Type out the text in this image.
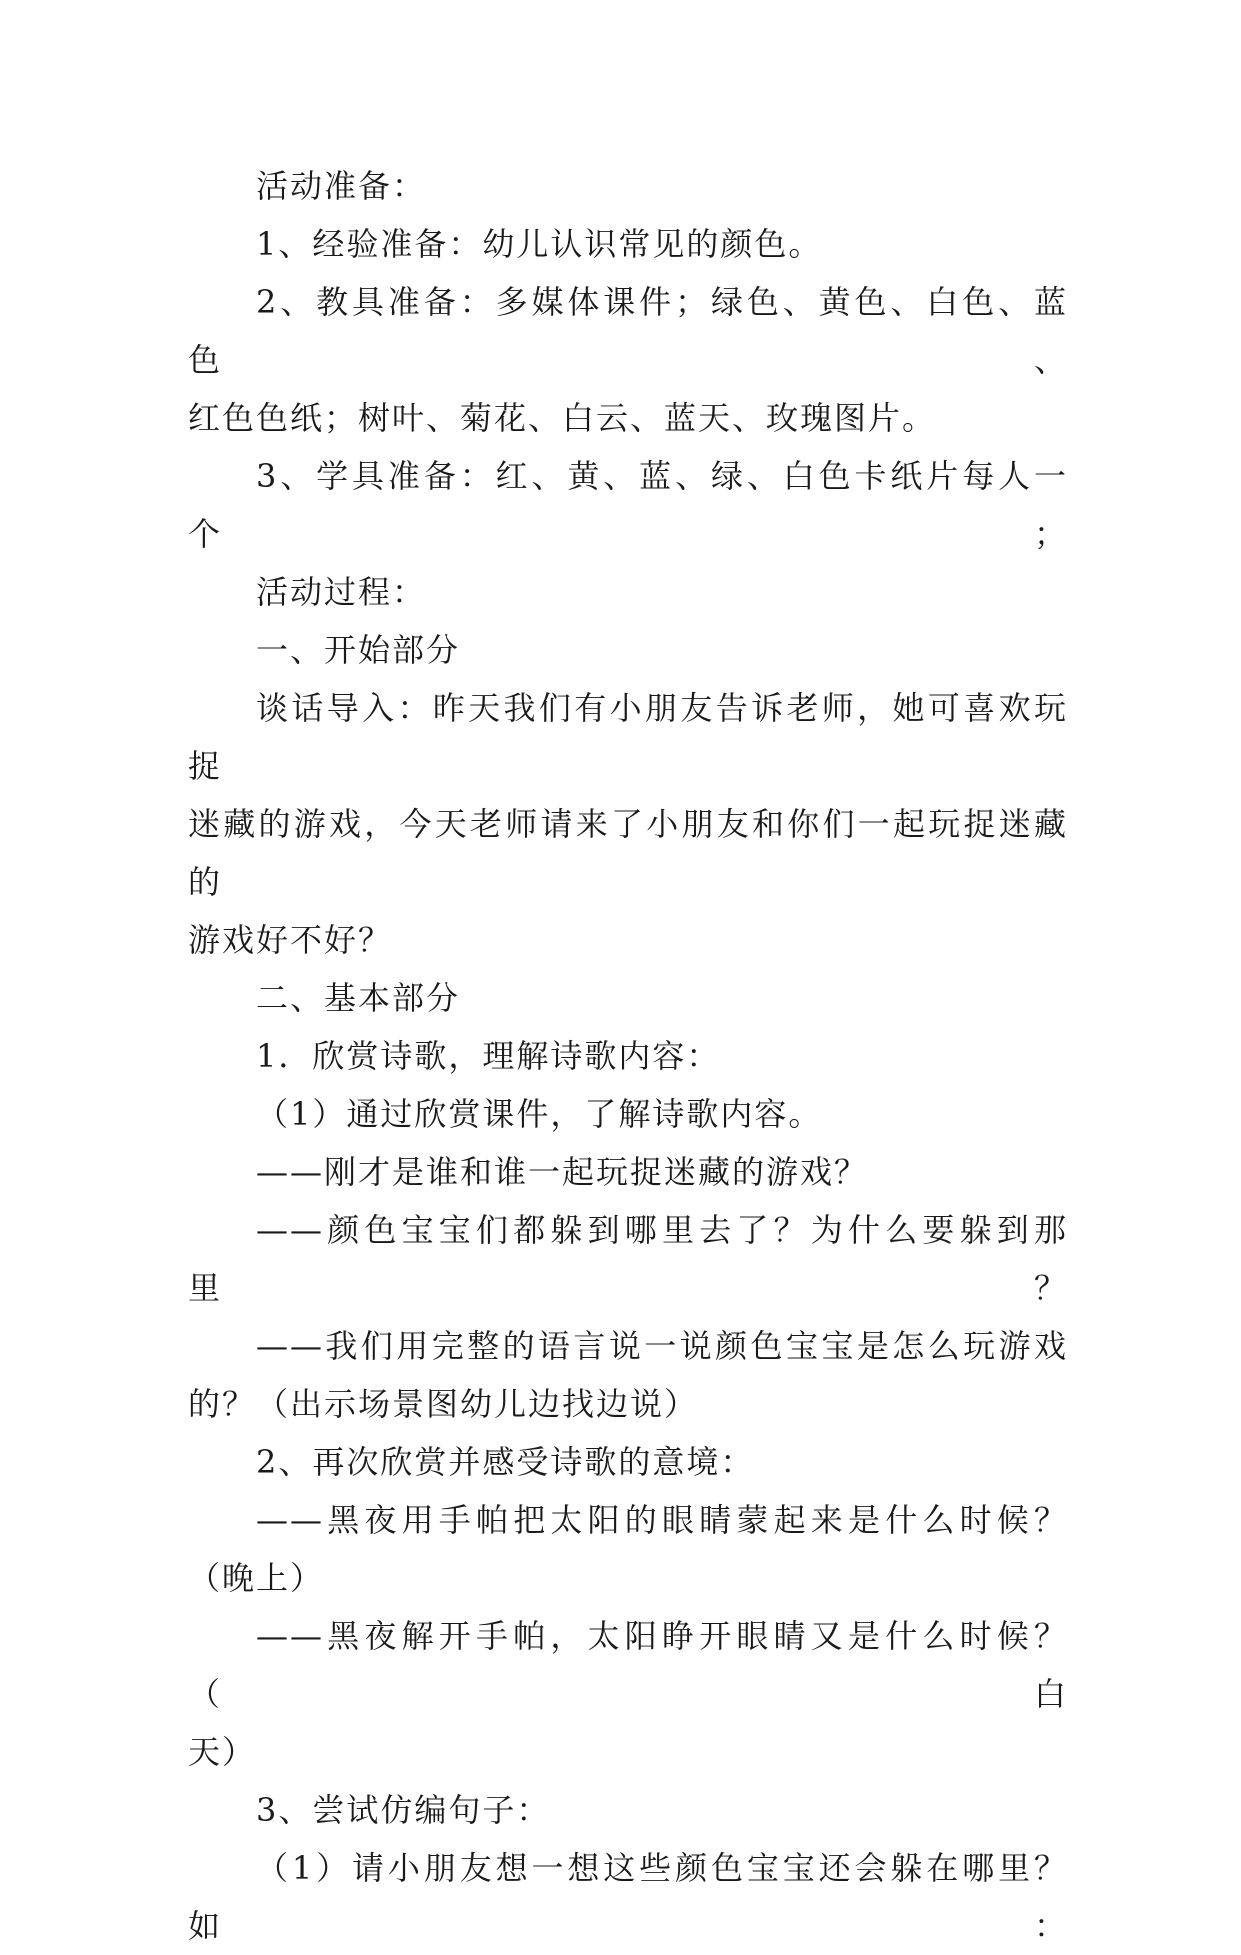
活动准备：

1、经验准备：幼儿认识常见的颜色。

2、教具准备：多媒体课件；绿色、黄色、白色、蓝色、

红色色纸；树叶、菊花、白云、蓝天、玫瑰图片。

3、学具准备：红、黄、蓝、绿、白色卡纸片每人一个；

活动过程：

一、开始部分

谈话导入：昨天我们有小朋友告诉老师，她可喜欢玩捉

迷藏的游戏，今天老师请来了小朋友和你们一起玩捉迷藏的

游戏好不好？

二、基本部分

1．欣赏诗歌，理解诗歌内容：

（1）通过欣赏课件，了解诗歌内容。

——刚才是谁和谁一起玩捉迷藏的游戏？

——颜色宝宝们都躲到哪里去了？为什么要躲到那里？

——我们用完整的语言说一说颜色宝宝是怎么玩游戏

的？（出示场景图幼儿边找边说）

2、再次欣赏并感受诗歌的意境：

——黑夜用手帕把太阳的眼睛蒙起来是什么时候？

（晚上）

——黑夜解开手帕，太阳睁开眼睛又是什么时候？（白

天）

3、尝试仿编句子：

（1）请小朋友想一想这些颜色宝宝还会躲在哪里？如：
